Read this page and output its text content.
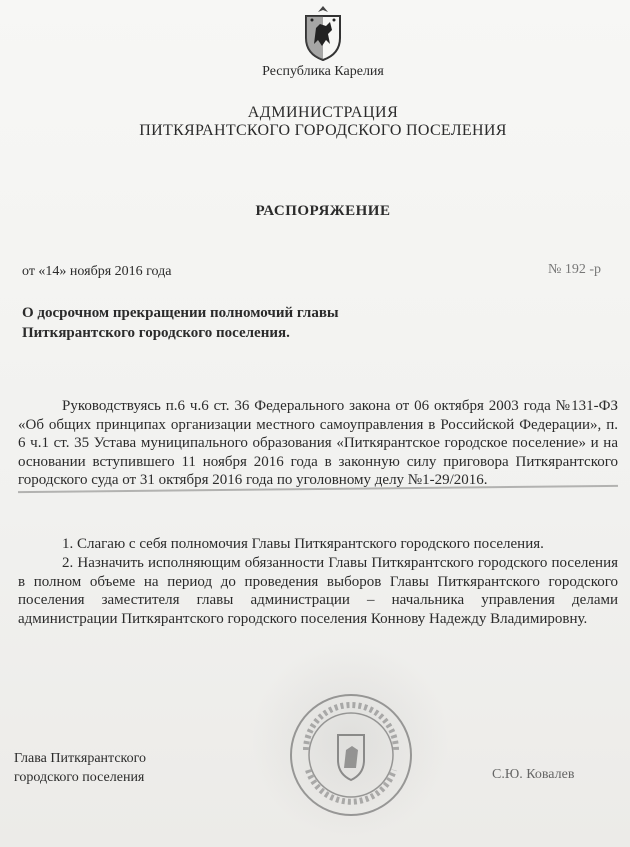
Республика Карелия
АДМИНИСТРАЦИЯ
ПИТКЯРАНТСКОГО ГОРОДСКОГО ПОСЕЛЕНИЯ
РАСПОРЯЖЕНИЕ
от «14» ноября 2016 года	№ 192 -р
О досрочном прекращении полномочий главы Питкярантского городского поселения.
Руководствуясь п.6 ч.6 ст. 36 Федерального закона от 06 октября 2003 года №131-ФЗ «Об общих принципах организации местного самоуправления в Российской Федерации», п. 6 ч.1 ст. 35 Устава муниципального образования «Питкярантское городское поселение» и на основании вступившего 11 ноября 2016 года в законную силу приговора Питкярантского городского суда от 31 октября 2016 года по уголовному делу №1-29/2016.
1. Слагаю с себя полномочия Главы Питкярантского городского поселения.
2. Назначить исполняющим обязанности Главы Питкярантского городского поселения в полном объеме на период до проведения выборов Главы Питкярантского городского поселения заместителя главы администрации – начальника управления делами администрации Питкярантского городского поселения Коннову Надежду Владимировну.
Глава Питкярантского
городского поселения	С.Ю. Ковалев
